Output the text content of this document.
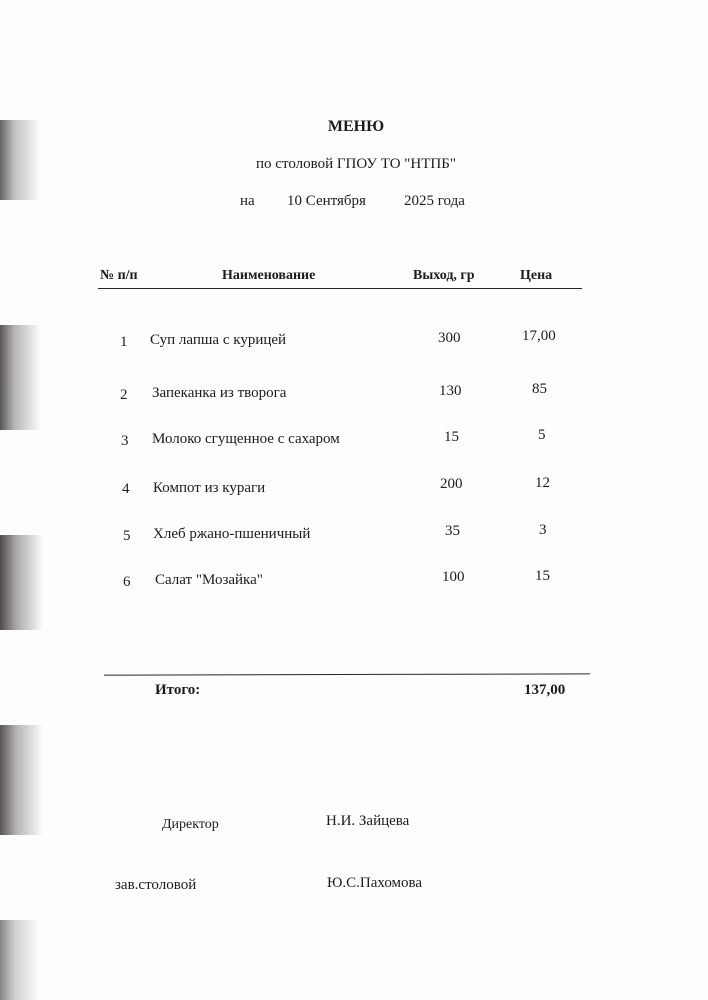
МЕНЮ
по столовой ГПОУ ТО "НТПБ"
на 10 Сентября	2025 года
№ п/п	Наименование	Выход, гр	Цена
1 Суп лапша с курицей	300	17,00
2 Запеканка из творога	130	85
3 Молоко сгущенное с сахаром	15	5
4 Компот из кураги	200	12
5 Хлеб ржано-пшеничный	35	3
6 Салат "Мозайка"	100	15
Итого:	137,00
Директор	Н.И. Зайцева
зав.столовой	Ю.С.Пахомова
